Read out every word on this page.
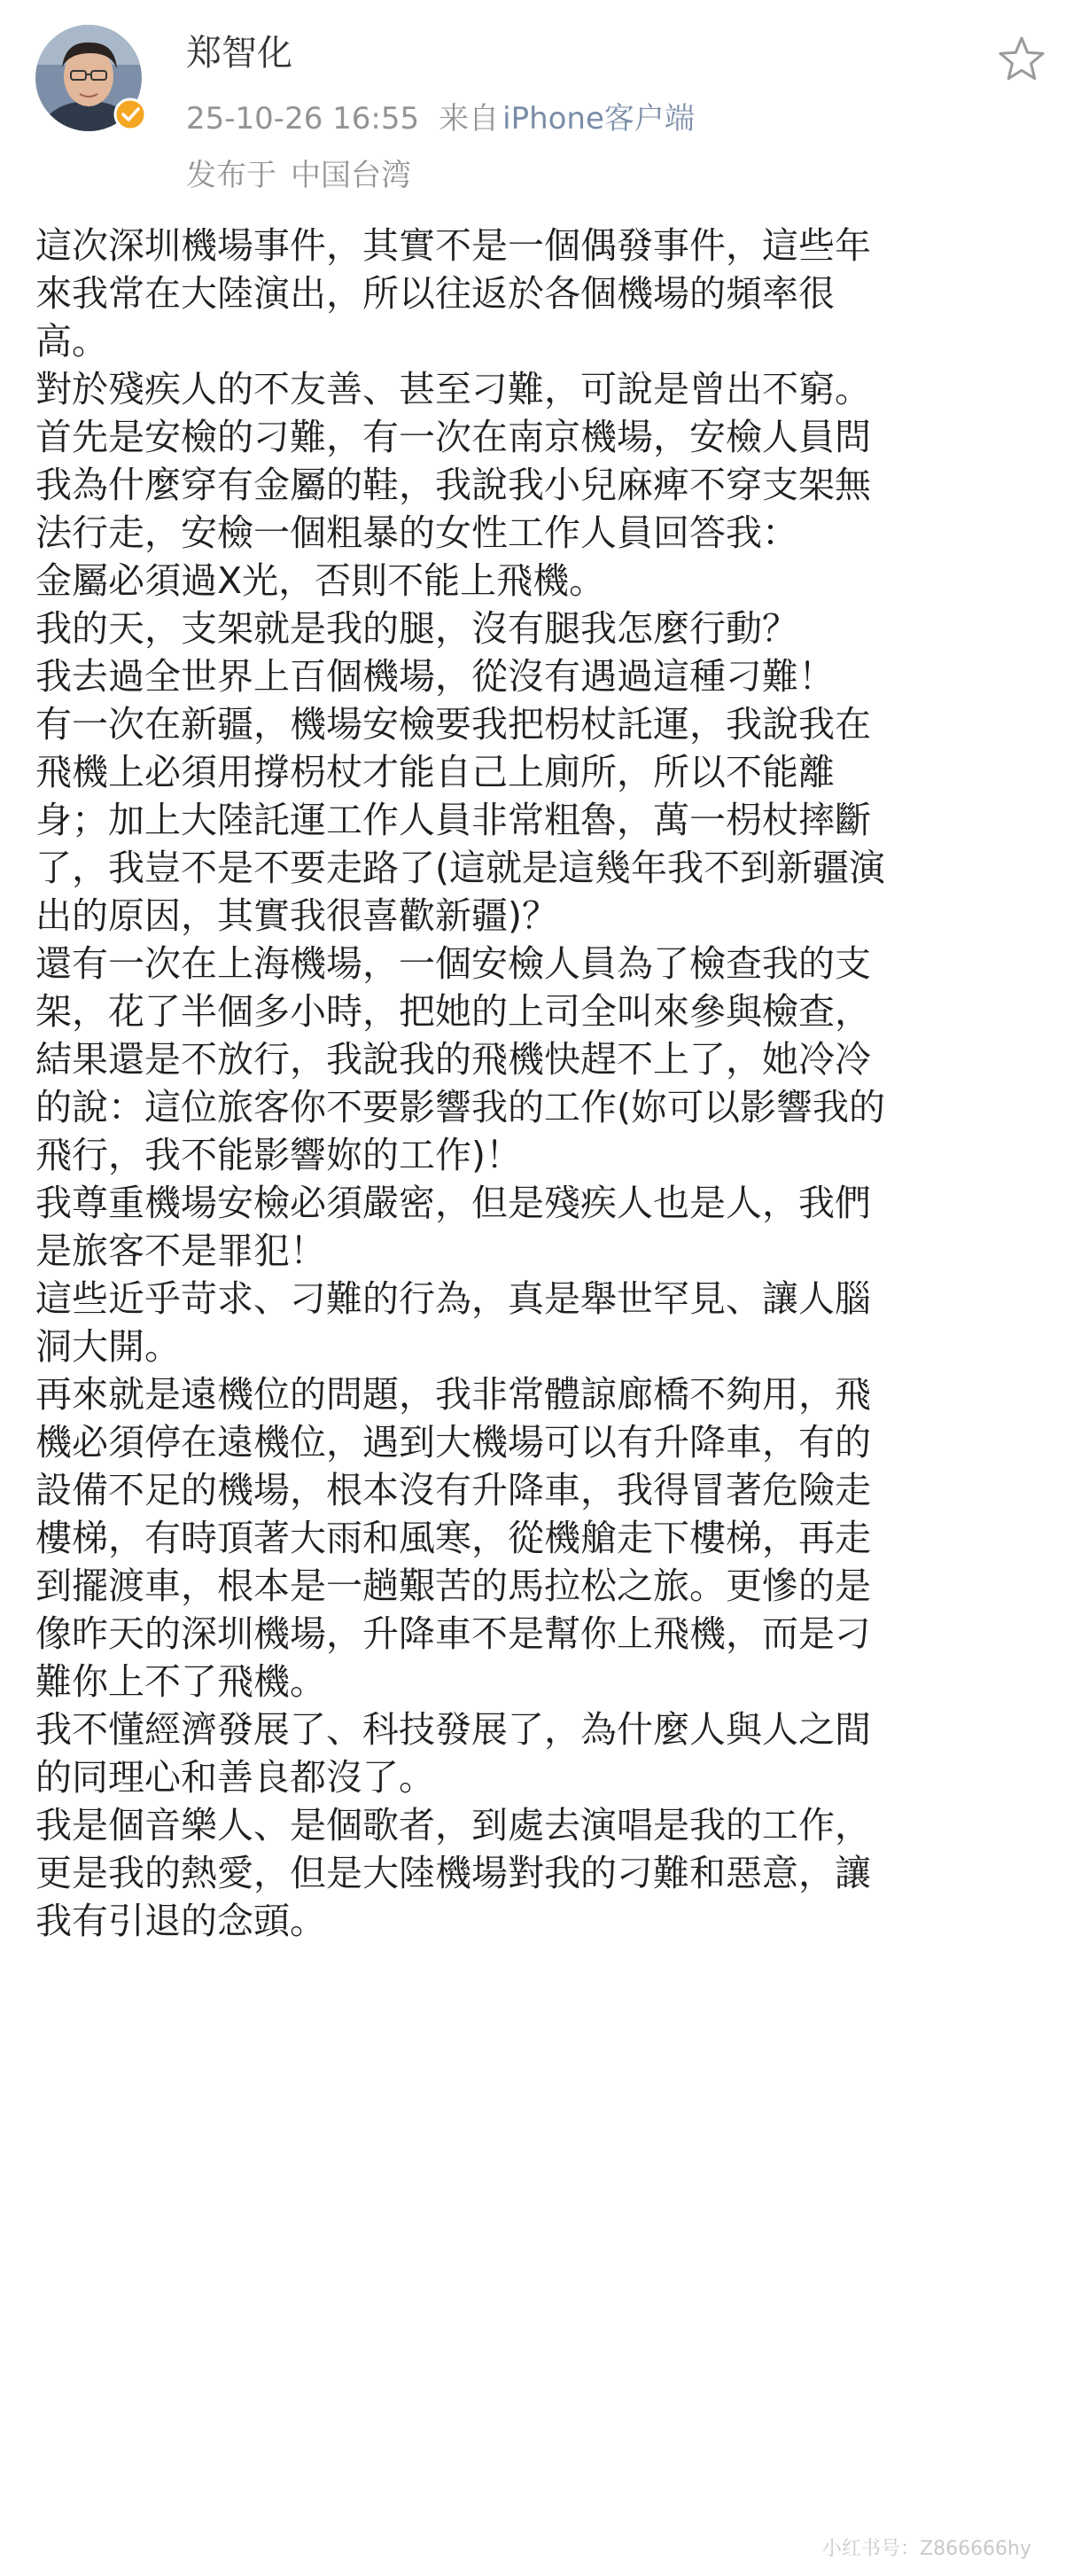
郑智化
25-10-26 16:55 来自 iPhone客户端
发布于 中国台湾

這次深圳機場事件，其實不是一個偶發事件，這些年

來我常在大陸演出，所以往返於各個機場的頻率很

高。

對於殘疾人的不友善、甚至刁難，可說是曾出不窮。

首先是安檢的刁難，有一次在南京機場，安檢人員問

我為什麼穿有金屬的鞋，我說我小兒麻痺不穿支架無

法行走，安檢一個粗暴的女性工作人員回答我：

金屬必須過X光，否則不能上飛機。

我的天，支架就是我的腿，沒有腿我怎麼行動？

我去過全世界上百個機場，從沒有遇過這種刁難！

有一次在新疆，機場安檢要我把枴杖託運，我說我在

飛機上必須用撐枴杖才能自己上廁所，所以不能離

身；加上大陸託運工作人員非常粗魯，萬一枴杖摔斷

了，我豈不是不要走路了(這就是這幾年我不到新疆演

出的原因，其實我很喜歡新疆)？

還有一次在上海機場，一個安檢人員為了檢查我的支

架，花了半個多小時，把她的上司全叫來參與檢查，

結果還是不放行，我說我的飛機快趕不上了，她冷冷

的說：這位旅客你不要影響我的工作(妳可以影響我的

飛行，我不能影響妳的工作)！

我尊重機場安檢必須嚴密，但是殘疾人也是人，我們

是旅客不是罪犯！

這些近乎苛求、刁難的行為，真是舉世罕見、讓人腦

洞大開。

再來就是遠機位的問題，我非常體諒廊橋不夠用，飛

機必須停在遠機位，遇到大機場可以有升降車，有的

設備不足的機場，根本沒有升降車，我得冒著危險走

樓梯，有時頂著大雨和風寒，從機艙走下樓梯，再走

到擺渡車，根本是一趟艱苦的馬拉松之旅。更慘的是

像昨天的深圳機場，升降車不是幫你上飛機，而是刁

難你上不了飛機。

我不懂經濟發展了、科技發展了，為什麼人與人之間

的同理心和善良都沒了。

我是個音樂人、是個歌者，到處去演唱是我的工作，

更是我的熱愛，但是大陸機場對我的刁難和惡意，讓

我有引退的念頭。

小红书号：Z866666hy
